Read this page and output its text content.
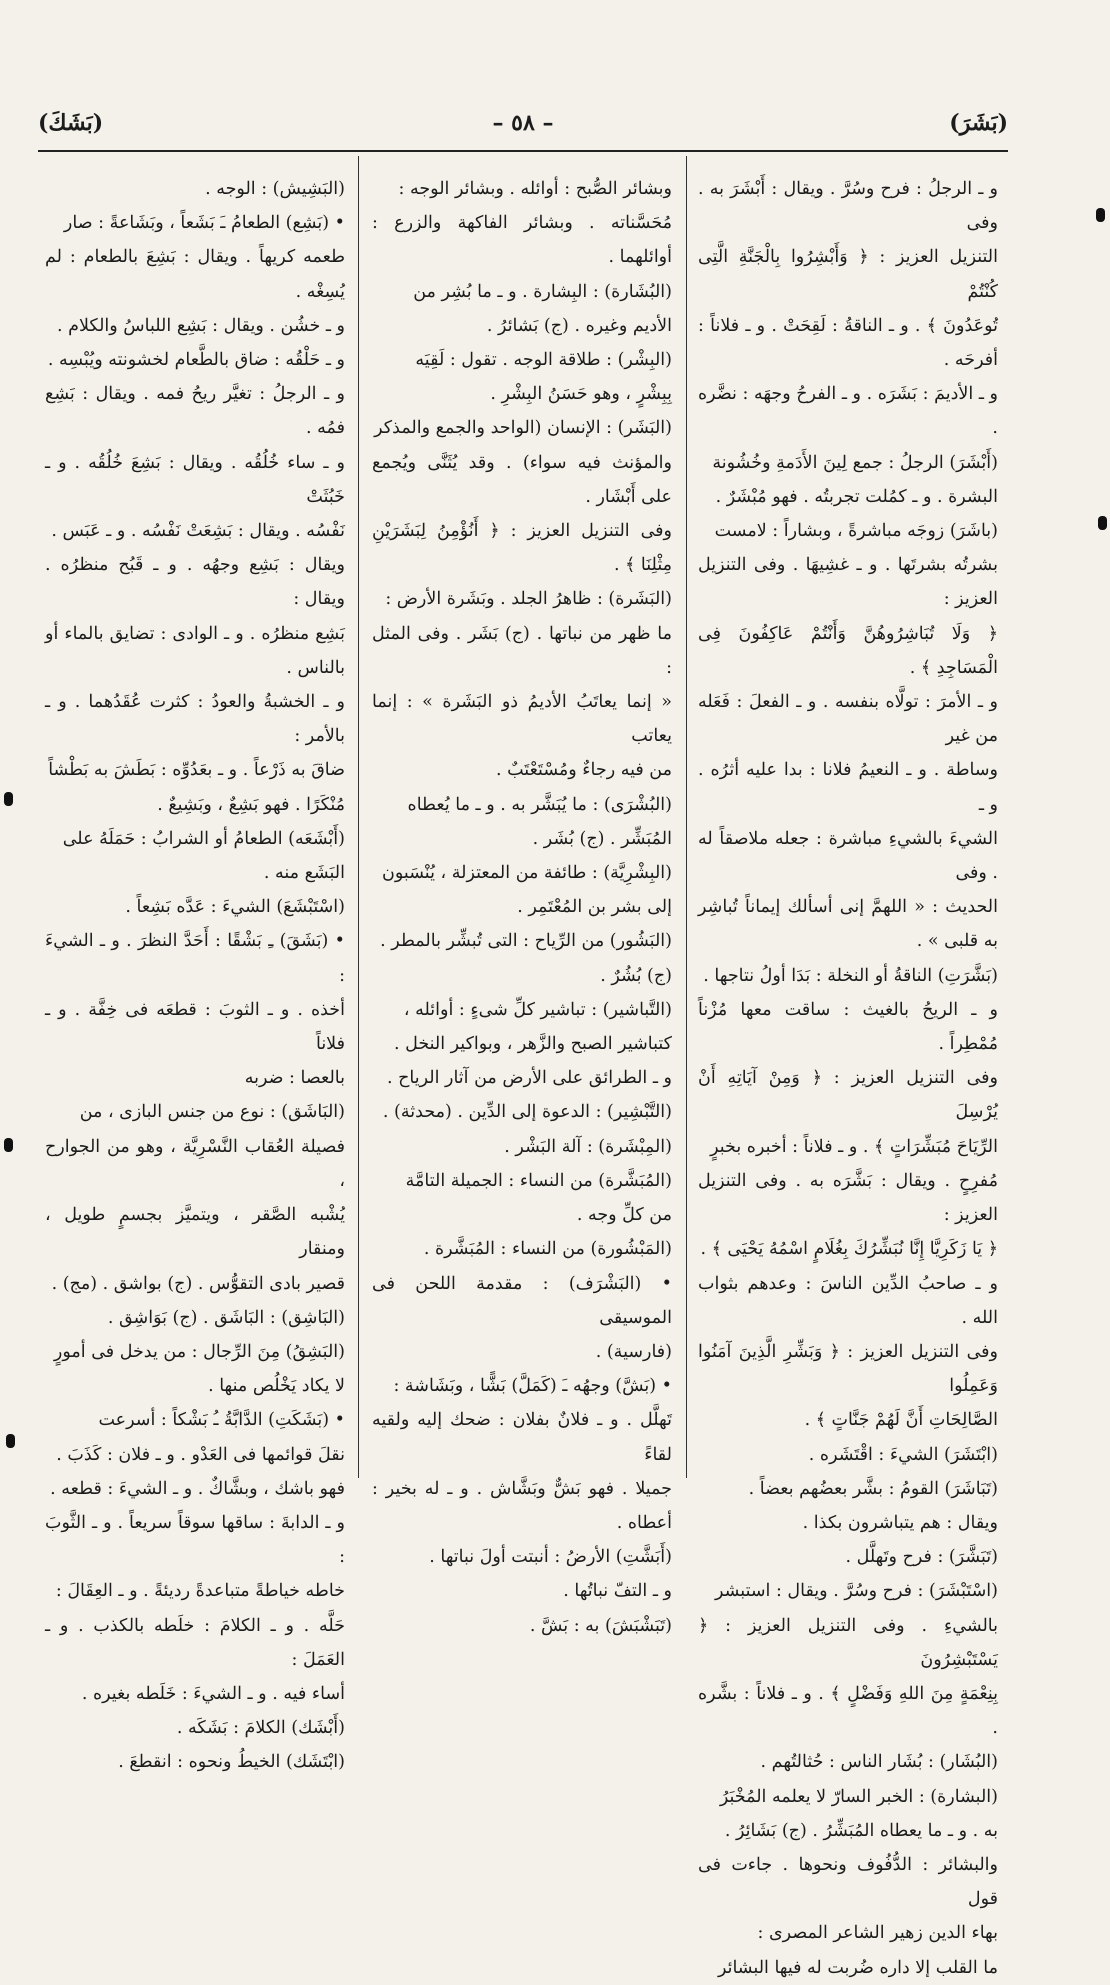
(بَشَكَ)	– ٥٨ –	(بَشَرَ)

و ـ الرجلُ : فرح وسُرَّ . ويقال : أَبْشَرَ به . وفى

التنزيل العزيز : ﴿ وَأَبْشِرُوا بِالْجَنَّةِ الَّتِى كُنْتُمْ

تُوعَدُونَ ﴾ . و ـ الناقةُ : لَقِحَتْ . و ـ فلاناً : أفرحَه .

و ـ الأديمَ : بَشَرَه . و ـ الفرحُ وجهَه : نضَّره .

(أَبْشَرَ) الرجلُ : جمع لِينَ الأَدَمةِ وخُشُونة

البشرة . و ـ كمُلت تجربتُه . فهو مُبْشَرٌ .

(باشَرَ) زوجَه مباشرةً ، وبشاراً : لامست

بشرتُه بشرتَها . و ـ غشِيهَا . وفى التنزيل العزيز :

﴿ وَلَا تُبَاشِرُوهُنَّ وَأَنْتُمْ عَاكِفُونَ فِى الْمَسَاجِدِ ﴾ .

و ـ الأمرَ : تولَّاه بنفسه . و ـ الفعلَ : فَعَله من غير

وساطة . و ـ النعيمُ فلانا : بدا عليه أثرُه . و ـ

الشيءَ بالشيءِ مباشرة : جعله ملاصقاً له . وفى

الحديث : « اللهمَّ إنى أسألك إيماناً تُباشِر به قلبى » .

(بَشَّرَتِ) الناقةُ أو النخلة : بَدَا أولُ نتاجها .

و ـ الريحُ بالغيث : ساقت معها مُزْناً مُمْطِراً .

وفى التنزيل العزيز : ﴿ وَمِنْ آيَاتِهِ أَنْ يُرْسِلَ

الرِّيَاحَ مُبَشِّرَاتٍ ﴾ . و ـ فلاناً : أخبره بخبرٍ

مُفرِحٍ . ويقال : بَشَّرَه به . وفى التنزيل العزيز :

﴿ يَا زَكَرِيَّا إِنَّا نُبَشِّرُكَ بِغُلَامٍ اسْمُهُ يَحْيَى ﴾ .

و ـ صاحبُ الدِّين الناسَ : وعدهم بثواب الله .

وفى التنزيل العزيز : ﴿ وَبَشِّرِ الَّذِينَ آمَنُوا وَعَمِلُوا

الصَّالِحَاتِ أَنَّ لَهُمْ جَنَّاتٍ ﴾ .

(ابْتَشَرَ) الشيءَ : اقْتَشَره .

(تَبَاشَرَ) القومُ : بشَّر بعضُهم بعضاً .

ويقال : هم يتباشرون بكذا .

(تَبَشَّرَ) : فرح وتَهلَّل .

(اسْتَبْشَرَ) : فرح وسُرَّ . ويقال : استبشر

بالشيءِ . وفى التنزيل العزيز : ﴿ يَسْتَبْشِرُونَ

بِنِعْمَةٍ مِنَ اللهِ وَفَضْلٍ ﴾ . و ـ فلاناً : بشَّره .

(البُشَار) : بُشَار الناس : حُثالتُهم .

(البشارة) : الخبر السارّ لا يعلمه المُخْبَرُ

به . و ـ ما يعطاه المُبَشِّرُ . (ج) بَشَائِرُ .

والبشائر : الدُّفُوف ونحوها . جاءت فى قول

بهاء الدين زهير الشاعر المصرى :

ما القلب إلا داره ضُربت له فيها البشائر

وبشائر الصُّبح : أوائله . وبشائر الوجه :

مُحَسَّناته . وبشائر الفاكهة والزرع : أوائلهما .

(البُشَارة) : البِشارة . و ـ ما بُشِر من

الأديم وغيره . (ج) بَشائرُ .

(البِشْر) : طلاقة الوجه . تقول : لَقِيَه

بِبِشْرٍ ، وهو حَسَنُ البِشْرِ .

(البَشَر) : الإنسان (الواحد والجمع والمذكر

والمؤنث فيه سواء) . وقد يُثَنَّى ويُجمع على أَبْشَار .

وفى التنزيل العزيز : ﴿ أَنُؤْمِنُ لِبَشَرَيْنِ مِثْلِنَا ﴾ .

(البَشَرة) : ظاهرُ الجلد . وبَشَرة الأرض :

ما ظهر من نباتها . (ج) بَشَر . وفى المثل :

« إنما يعاتَبُ الأديمُ ذو البَشَرة » : إنما يعاتب

من فيه رجاءٌ ومُسْتَعْتَبٌ .

(البُشْرَى) : ما يُبَشَّر به . و ـ ما يُعطاه

المُبَشِّر . (ج) بُشَر .

(البِشْرِيَّة) : طائفة من المعتزلة ، يُنْسَبون

إلى بشر بن المُعْتَمِر .

(البَشُور) من الرِّياح : التى تُبشِّر بالمطر .

(ج) بُشُرٌ .

(التَّباشير) : تباشير كلِّ شىءٍ : أوائله ،

كتباشير الصبح والزَّهر ، وبواكير النخل .

و ـ الطرائق على الأرض من آثار الرياح .

(التَّبْشِير) : الدعوة إلى الدِّين . (محدثة) .

(المِبْشَرة) : آلة البَشْر .

(المُبَشَّرة) من النساء : الجميلة التامَّة

من كلِّ وجه .

(المَبْشُورة) من النساء : المُبَشَّرة .

• (البَشْرَف) : مقدمة اللحن فى الموسيقى

(فارسية) .

• (بَشَّ) وجهُه ـَ (كَمَلَّ) بَشًّا ، وبَشَاشة :

تَهلَّل . و ـ فلانٌ بفلان : ضحك إليه ولقيه لقاءً

جميلا . فهو بَشٌّ وبَشَّاش . و ـ له بخير : أعطاه .

(أَبَشَّتِ) الأرضُ : أنبتت أولَ نباتها .

و ـ التفّ نباتُها .

(تَبَشْبَشَ) به : بَشَّ .

(البَشِيش) : الوجه .

• (بَشِع) الطعامُ ـَ بَشَعاً ، وبَشَاعةً : صار

طعمه كريهاً . ويقال : بَشِعَ بالطعام : لم يُسِغْه .

و ـ خشُن . ويقال : بَشِع اللباسُ والكلام .

و ـ حَلْقُه : ضاق بالطَّعام لخشونته ويُبْسِه .

و ـ الرجلُ : تغيَّر ريحُ فمه . ويقال : بَشِع فمُه .

و ـ ساء خُلُقُه . ويقال : بَشِعَ خُلُقُه . و ـ خَبُثَتْ

نَفْسُه . ويقال : بَشِعَتْ نَفْسُه . و ـ عَبَس .

ويقال : بَشِع وجهُه . و ـ قَبُح منظرُه . ويقال :

بَشِع منظرُه . و ـ الوادى : تضايق بالماء أو بالناس .

و ـ الخشبةُ والعودُ : كثرت عُقَدُهما . و ـ بالأمر :

ضاقَ به ذَرْعاً . و ـ بعَدُوِّه : بَطَشَ به بَطْشاً

مُنْكَرًا . فهو بَشِعٌ ، وبَشِيعٌ .

(أَبْشَعَه) الطعامُ أو الشرابُ : حَمَلَهُ على

البَشَع منه .

(اسْتَبْشَعَ) الشيءَ : عَدَّه بَشِعاً .

• (بَشَقَ) ـِ بَشْقًا : أَحَدَّ النظرَ . و ـ الشيءَ :

أخذه . و ـ الثوبَ : قطعَه فى خِفَّة . و ـ فلاناً

بالعصا : ضربه

(البَاشَق) : نوع من جنس البازى ، من

فصيلة العُقاب النَّسْرِيَّة ، وهو من الجوارح ،

يُشْبه الصَّقر ، ويتميَّز بجسمٍ طويل ، ومنقار

قصير بادى التقوُّس . (ج) بواشق . (مج) .

(البَاشِق) : البَاشَق . (ج) بَوَاشِق .

(البَشِقُ) مِنَ الرِّجال : من يدخل فى أمورٍ

لا يكاد يَخْلُص منها .

• (بَشَكَتِ) الدَّابَّةُ ـُ بَشْكاً : أسرعت

نقلَ قوائمها فى العَدْو . و ـ فلان : كَذَبَ .

فهو باشك ، وبشَّاكٌ . و ـ الشيءَ : قطعه .

و ـ الدابةَ : ساقها سوقاً سريعاً . و ـ الثَّوبَ :

خاطه خياطةً متباعدةً رديئةً . و ـ العِقَالَ :

حَلَّه . و ـ الكلامَ : خلَطه بالكذب . و ـ العَمَلَ :

أساء فيه . و ـ الشيءَ : خَلَطه بغيره .

(أَبْشَك) الكلامَ : بَشَكَه .

(ابْتَشَك) الخيطُ ونحوه : انقطعَ .
